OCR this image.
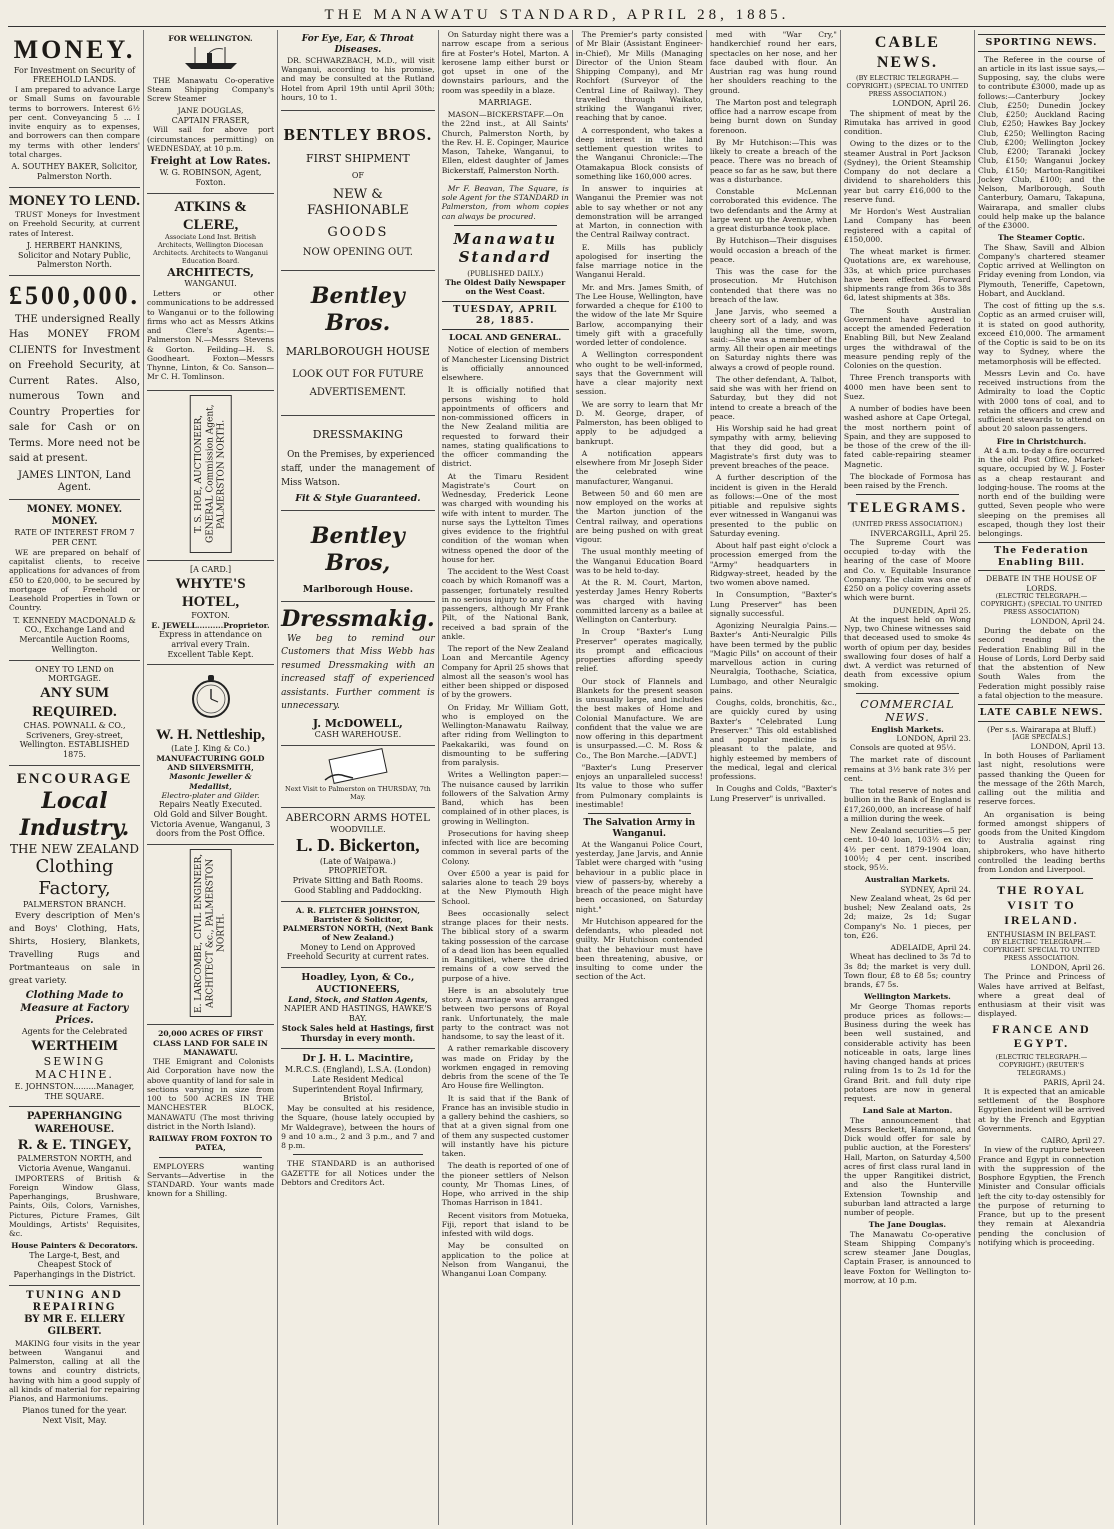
THE MANAWATU STANDARD, APRIL 28, 1885.
MONEY.
For Investment on Security of FREEHOLD LANDS.

I am prepared to advance Large or Small Sums on favourable terms to borrowers. Interest 6½ per cent. Conveyancing 5 ... I invite enquiry as to expenses, and borrowers can then compare my terms with other lenders' total charges.

A. SOUTHEY BAKER, Solicitor, Palmerston North.
MONEY TO LEND.

TRUST Moneys for Investment on Freehold Security, at current rates of Interest.

J. HERBERT HANKINS, Solicitor and Notary Public, Palmerston North.
£500,000.

THE undersigned Really Has MONEY FROM CLIENTS for Investment on Freehold Security, at Current Rates. Also, numerous Town and Country Properties for sale for Cash or on Terms. More need not be said at present.

JAMES LINTON, Land Agent.
MONEY. MONEY. MONEY.
RATE OF INTEREST FROM 7 PER CENT.

WE are prepared on behalf of capitalist clients, to receive applications for advances of from £50 to £20,000, to be secured by mortgage of Freehold or Leasehold Properties in Town or Country.

T. KENNEDY MACDONALD & CO., Exchange Land and Mercantile Auction Rooms, Wellington.
ONEY TO LEND on MORTGAGE.
ANY SUM REQUIRED.
CHAS. POWNALL & CO., Scriveners, Grey-street, Wellington. ESTABLISHED 1875.
ENCOURAGE
Local Industry.
THE NEW ZEALAND
Clothing Factory,
PALMERSTON BRANCH.

Every description of Men's and Boys' Clothing, Hats, Shirts, Hosiery, Blankets, Travelling Rugs and Portmanteaus on sale in great variety.

Clothing Made to Measure at Factory Prices.
Agents for the Celebrated
WERTHEIM
SEWING MACHINE.
E. JOHNSTON.........Manager, THE SQUARE.
PAPERHANGING WAREHOUSE.
R. & E. TINGEY,
PALMERSTON NORTH, and Victoria Avenue, Wanganui.

IMPORTERS of British & Foreign Window Glass, Paperhangings, Brushware, Paints, Oils, Colors, Varnishes, Pictures, Picture Frames, Gilt Mouldings, Artists' Requisites, &c.

House Painters & Decorators.
The Large-t, Best, and Cheapest Stock of Paperhangings in the District.
TUNING AND REPAIRING
BY MR E. ELLERY GILBERT.

MAKING four visits in the year between Wanganui and Palmerston, calling at all the towns and country districts, having with him a good supply of all kinds of material for repairing Pianos, and Harmoniums.

Pianos tuned for the year.
Next Visit, May.
FOR WELLINGTON.

THE Manawatu Co-operative Steam Shipping Company's Screw Steamer

JANE DOUGLAS,
CAPTAIN FRASER,

Will sail for above port (circumstances permitting) on WEDNESDAY, at 10 p.m.

Freight at Low Rates.
W. G. ROBINSON, Agent, Foxton.
ATKINS & CLERE,
Associate Lond Inst. British Architects, Wellington Diocesan Architects. Architects to Wanganui Education Board.
ARCHITECTS,
WANGANUI.

Letters or other communications to be addressed to Wanganui or to the following firms who act as Messrs Atkins and Clere's Agents:— Palmerston N.—Messrs Stevens & Gorton. Feilding—H. S. Goodheart. Foxton—Messrs Thynne, Linton, & Co. Sanson—Mr C. H. Tomlinson.

T. S. HOE, AUCTIONEER, GENERAL Commission Agent, PALMERSTON NORTH.
[A CARD.]
WHYTE'S HOTEL,
FOXTON.
E. JEWELL..........Proprietor.
Express in attendance on arrival every Train.
Excellent Table Kept.
W. H. Nettleship,
(Late J. King & Co.)
MANUFACTURING GOLD AND SILVERSMITH,
Masonic Jeweller & Medallist,
Electro-plater and Gilder.
Repairs Neatly Executed.
Old Gold and Silver Bought.
Victoria Avenue, Wanganui, 3 doors from the Post Office.
E. LARCOMBE, CIVIL ENGINEER, ARCHITECT &c., PALMERSTON NORTH.
20,000 ACRES OF FIRST CLASS LAND FOR SALE IN MANAWATU.

THE Emigrant and Colonists Aid Corporation have now the above quantity of land for sale in sections varying in size from 100 to 500 ACRES IN THE MANCHESTER BLOCK, MANAWATU (The most thriving district in the North Island).

RAILWAY FROM FOXTON TO PATEA,

EMPLOYERS wanting Servants—Advertise in the STANDARD. Your wants made known for a Shilling.

For Eye, Ear, & Throat Diseases.

DR. SCHWARZBACH, M.D., will visit Wanganui, according to his promise, and may be consulted at the Rutland Hotel from April 19th until April 30th; hours, 10 to 1.

BENTLEY BROS.
FIRST SHIPMENT
OF
NEW & FASHIONABLE
GOODS
NOW OPENING OUT.
Bentley Bros.
MARLBOROUGH HOUSE
LOOK OUT FOR FUTURE ADVERTISEMENT.
DRESSMAKING

On the Premises, by experienced staff, under the management of Miss Watson.

Fit & Style Guaranteed.
Bentley Bros,
Marlborough House.
Dressmakig.

We beg to remind our Customers that Miss Webb has resumed Dressmaking with an increased staff of experienced assistants. Further comment is unnecessary.

J. McDOWELL,
CASH WAREHOUSE.
Next Visit to Palmerston on THURSDAY, 7th May.
ABERCORN ARMS HOTEL
WOODVILLE.
L. D. Bickerton,
(Late of Waipawa.)
PROPRIETOR.
Private Sitting and Bath Rooms.
Good Stabling and Paddocking.
A. R. FLETCHER JOHNSTON, Barrister & Solicitor, PALMERSTON NORTH, (Next Bank of New Zealand.)
Money to Lend on Approved Freehold Security at current rates.
Hoadley, Lyon, & Co., AUCTIONEERS,
Land, Stock, and Station Agents,
NAPIER AND HASTINGS, HAWKE'S BAY.
Stock Sales held at Hastings, first Thursday in every month.
Dr J. H. L. Macintire,
M.R.C.S. (England), L.S.A. (London)
Late Resident Medical Superintendent Royal Infirmary, Bristol.

May be consulted at his residence, the Square, (house lately occupied by Mr Waldegrave), between the hours of 9 and 10 a.m., 2 and 3 p.m., and 7 and 8 p.m.

THE STANDARD is an authorised GAZETTE for all Notices under the Debtors and Creditors Act.

On Saturday night there was a narrow escape from a serious fire at Foster's Hotel, Marton. A kerosene lamp either burst or got upset in one of the downstairs parlours, and the room was speedily in a blaze.

MARRIAGE.

MASON—BICKERSTAFF.—On the 22nd inst., at All Saints' Church, Palmerston North, by the Rev. H. E. Copinger, Maurice Mason, Taheke, Wanganui, to Ellen, eldest daughter of James Bickerstaff, Palmerston North.

Mr F. Beavan, The Square, is sole Agent for the STANDARD in Palmerston, from whom copies can always be procured.

Manawatu Standard
(PUBLISHED DAILY.)
The Oldest Daily Newspaper on the West Coast.
TUESDAY, APRIL 28, 1885.
LOCAL AND GENERAL.

Notice of election of members of Manchester Licensing District is officially announced elsewhere.

It is officially notified that persons wishing to hold appointments of officers and non-commissioned officers in the New Zealand militia are requested to forward their names, stating qualifications to the officer commanding the district.

At the Timaru Resident Magistrate's Court on Wednesday, Frederick Leone was charged with wounding his wife with intent to murder. The nurse says the Lyttelton Times gives evidence to the frightful condition of the woman when witness opened the door of the house for her.

The accident to the West Coast coach by which Romanoff was a passenger, fortunately resulted in no serious injury to any of the passengers, although Mr Frank Pilt, of the National Bank, received a bad sprain of the ankle.

The report of the New Zealand Loan and Mercantile Agency Company for April 25 shows that almost all the season's wool has either been shipped or disposed of by the growers.

On Friday, Mr William Gott, who is employed on the Wellington-Manawatu Railway, after riding from Wellington to Paekakariki, was found on dismounting to be suffering from paralysis.

Writes a Wellington paper:—The nuisance caused by larrikin followers of the Salvation Army Band, which has been complained of in other places, is growing in Wellington.

Prosecutions for having sheep infected with lice are becoming common in several parts of the Colony.

Over £500 a year is paid for salaries alone to teach 29 boys at the New Plymouth High School.

Bees occasionally select strange places for their nests. The biblical story of a swarm taking possession of the carcase of a dead lion has been equalled in Rangitikei, where the dried remains of a cow served the purpose of a hive.

Here is an absolutely true story. A marriage was arranged between two persons of Royal rank. Unfortunately, the male party to the contract was not handsome, to say the least of it.

A rather remarkable discovery was made on Friday by the workmen engaged in removing debris from the scene of the Te Aro House fire Wellington.

It is said that if the Bank of France has an invisible studio in a gallery behind the cashiers, so that at a given signal from one of them any suspected customer will instantly have his picture taken.

The death is reported of one of the pioneer settlers of Nelson county, Mr Thomas Lines, of Hope, who arrived in the ship Thomas Harrison in 1841.

Recent visitors from Motueka, Fiji, report that island to be infested with wild dogs.

May be consulted on application to the police at Nelson from Wanganui, the Whanganui Loan Company.

The Premier's party consisted of Mr Blair (Assistant Engineer-in-Chief), Mr Mills (Managing Director of the Union Steam Shipping Company), and Mr Rochfort (Surveyor of the Central Line of Railway). They travelled through Waikato, striking the Wanganui river, reaching that by canoe.

A correspondent, who takes a deep interest in the land settlement question writes to the Wanganui Chronicle:—The Otamakapua Block consists of something like 160,000 acres.

In answer to inquiries at Wanganui the Premier was not able to say whether or not any demonstration will be arranged at Marton, in connection with the Central Railway contract.

E. Mills has publicly apologised for inserting the false marriage notice in the Wanganui Herald.

Mr. and Mrs. James Smith, of The Lee House, Wellington, have forwarded a cheque for £100 to the widow of the late Mr Squire Barlow, accompanying their timely gift with a gracefully worded letter of condolence.

A Wellington correspondent who ought to be well-informed, says that the Government will have a clear majority next session.

We are sorry to learn that Mr D. M. George, draper, of Palmerston, has been obliged to apply to be adjudged a bankrupt.

A notification appears elsewhere from Mr Joseph Sider the celebrated wine manufacturer, Wanganui.

Between 50 and 60 men are now employed on the works at the Marton junction of the Central railway, and operations are being pushed on with great vigour.

The usual monthly meeting of the Wanganui Education Board was to be held to-day.

At the R. M. Court, Marton, yesterday James Henry Roberts was charged with having committed larceny as a bailee at Wellington on Canterbury.

In Croup "Baxter's Lung Preserver" operates magically, its prompt and efficacious properties affording speedy relief.

Our stock of Flannels and Blankets for the present season is unusually large, and includes the best makes of Home and Colonial Manufacture. We are confident that the value we are now offering in this department is unsurpassed.—C. M. Ross & Co., The Bon Marche.—[ADVT.]

"Baxter's Lung Preserver enjoys an unparalleled success! Its value to those who suffer from Pulmonary complaints is inestimable!

The Salvation Army in Wanganui.

At the Wanganui Police Court, yesterday, Jane Jarvis, and Annie Tablet were charged with "using behaviour in a public place in view of passers-by, whereby a breach of the peace might have been occasioned, on Saturday night."

Mr Hutchison appeared for the defendants, who pleaded not guilty. Mr Hutchison contended that the behaviour must have been threatening, abusive, or insulting to come under the section of the Act.

med with "War Cry," handkerchief round her ears, spectacles on her nose, and her face daubed with flour. An Austrian rag was hung round her shoulders reaching to the ground.

The Marton post and telegraph office had a narrow escape from being burnt down on Sunday forenoon.

By Mr Hutchison:—This was likely to create a breach of the peace. There was no breach of peace so far as he saw, but there was a disturbance.

Constable McLennan corroborated this evidence. The two defendants and the Army at large went up the Avenue, when a great disturbance took place.

By Hutchison—Their disguises would occasion a breach of the peace.

This was the case for the prosecution. Mr Hutchison contended that there was no breach of the law.

Jane Jarvis, who seemed a cheery sort of a lady, and was laughing all the time, sworn, said:—She was a member of the army. All their open air meetings on Saturday nights there was always a crowd of people round.

The other defendant, A. Talbot, said she was with her friend on Saturday, but they did not intend to create a breach of the peace.

His Worship said he had great sympathy with army, believing that they did good, but a Magistrate's first duty was to prevent breaches of the peace.

A further description of the incident is given in the Herald as follows:—One of the most pitiable and repulsive sights ever witnessed in Wanganui was presented to the public on Saturday evening.

About half past eight o'clock a procession emerged from the "Army" headquarters in Ridgway-street, headed by the two women above named.

In Consumption, "Baxter's Lung Preserver" has been signally successful.

Agonizing Neuralgia Pains.—Baxter's Anti-Neuralgic Pills have been termed by the public "Magic Pills" on account of their marvellous action in curing Neuralgia, Toothache, Sciatica, Lumbago, and other Neuralgic pains.

Coughs, colds, bronchitis, &c., are quickly cured by using Baxter's "Celebrated Lung Preserver." This old established and popular medicine is pleasant to the palate, and highly esteemed by members of the medical, legal and clerical professions.

In Coughs and Colds, "Baxter's Lung Preserver" is unrivalled.

CABLE NEWS.
(BY ELECTRIC TELEGRAPH.—COPYRIGHT.) (SPECIAL TO UNITED PRESS ASSOCIATION.)
LONDON, April 26.

The shipment of meat by the Rimutaka has arrived in good condition.

Owing to the dizes or to the steamer Austral in Port Jackson (Sydney), the Orient Steamship Company do not declare a dividend to shareholders this year but carry £16,000 to the reserve fund.

Mr Hordon's West Australian Land Company has been registered with a capital of £150,000.

The wheat market is firmer. Quotations are, ex warehouse, 33s, at which price purchases have been effected. Forward shipments range from 36s to 38s 6d, latest shipments at 38s.

The South Australian Government have agreed to accept the amended Federation Enabling Bill, but New Zealand urges the withdrawal of the measure pending reply of the Colonies on the question.

Three French transports with 4000 men have been sent to Suez.

A number of bodies have been washed ashore at Cape Ortegal, the most northern point of Spain, and they are supposed to be those of the crew of the ill-fated cable-repairing steamer Magnetic.

The blockade of Formosa has been raised by the French.

TELEGRAMS.
(UNITED PRESS ASSOCIATION.)
INVERCARGILL, April 25.

The Supreme Court was occupied to-day with the hearing of the case of Moore and Co. v. Equitable Insurance Company. The claim was one of £250 on a policy covering assets which were burnt.

DUNEDIN, April 25.

At the inquest held on Wong Nyp, two Chinese witnesses said that deceased used to smoke 4s worth of opium per day, besides swallowing four doses of half a dwt. A verdict was returned of death from excessive opium smoking.

COMMERCIAL NEWS.
English Markets.
LONDON, April 23.

Consols are quoted at 95½.

The market rate of discount remains at 3½ bank rate 3½ per cent.

The total reserve of notes and bullion in the Bank of England is £17,260,000, an increase of half a million during the week.

New Zealand securities—5 per cent. 10-40 loan, 103½ ex div; 4½ per cent. 1879-1904 loan, 100½; 4 per cent. inscribed stock, 95½.

Australian Markets.
SYDNEY, April 24.

New Zealand wheat, 2s 6d per bushel; New Zealand oats, 2s 2d; maize, 2s 1d; Sugar Company's No. 1 pieces, per ton, £26.

ADELAIDE, April 24.

Wheat has declined to 3s 7d to 3s 8d; the market is very dull. Town flour, £8 to £8 5s; country brands, £7 5s.

Wellington Markets.

Mr George Thomas reports produce prices as follows:—Business during the week has been well sustained, and considerable activity has been noticeable in oats, large lines having changed hands at prices ruling from 1s to 2s 1d for the Grand Brit. and full duty ripe potatoes are now in general request.

Land Sale at Marton.

The announcement that Messrs Beckett, Hammond, and Dick would offer for sale by public auction, at the Foresters' Hall, Marton, on Saturday 4,500 acres of first class rural land in the upper Rangitikei district, and also the Hunterville Extension Township and suburban land attracted a large number of people.

The Jane Douglas.

The Manawatu Co-operative Steam Shipping Company's screw steamer Jane Douglas, Captain Fraser, is announced to leave Foxton for Wellington to-morrow, at 10 p.m.

SPORTING NEWS.

The Referee in the course of an article in its last issue says,—Supposing, say, the clubs were to contribute £3000, made up as follows:—Canterbury Jockey Club, £250; Dunedin Jockey Club, £250; Auckland Racing Club, £250; Hawkes Bay Jockey Club, £250; Wellington Racing Club, £200; Wellington Jockey Club, £200; Taranaki Jockey Club, £150; Wanganui Jockey Club, £150; Marton-Rangitikei Jockey Club, £100; and the Nelson, Marlborough, South Canterbury, Oamaru, Takapuna, Wairarapa, and smaller clubs could help make up the balance of the £3000.

The Steamer Coptic.

The Shaw, Savill and Albion Company's chartered steamer Coptic arrived at Wellington on Friday evening from London, via Plymouth, Teneriffe, Capetown, Hobart, and Auckland.

The cost of fitting up the s.s. Coptic as an armed cruiser will, it is stated on good authority, exceed £10,000. The armament of the Coptic is said to be on its way to Sydney, where the metamorphosis will be effected.

Messrs Levin and Co. have received instructions from the Admiralty to load the Coptic with 2000 tons of coal, and to retain the officers and crew and sufficient stewards to attend on about 20 saloon passengers.

Fire in Christchurch.

At 4 a.m. to-day a fire occurred in the old Post Office, Market-square, occupied by W. J. Foster as a cheap restaurant and lodging-house. The rooms at the north end of the building were gutted, Seven people who were sleeping on the premises all escaped, though they lost their belongings.

The Federation Enabling Bill.
DEBATE IN THE HOUSE OF LORDS.
(ELECTRIC TELEGRAPH.—COPYRIGHT.) (SPECIAL TO UNITED PRESS ASSOCIATION)
LONDON, April 24.

During the debate on the second reading of the Federation Enabling Bill in the House of Lords, Lord Derby said that the abstention of New South Wales from the Federation might possibly raise a fatal objection to the measure.

LATE CABLE NEWS.
(Per s.s. Wairarapa at Bluff.)
[AGE SPECIALS.]
LONDON, April 13.

In both Houses of Parliament last night, resolutions were passed thanking the Queen for the message of the 26th March, calling out the militia and reserve forces.

An organisation is being formed amongst shippers of goods from the United Kingdom to Australia against ring shipbrokers, who have hitherto controlled the leading berths from London and Liverpool.

THE ROYAL VISIT TO IRELAND.
ENTHUSIASM IN BELFAST.
BY ELECTRIC TELEGRAPH.—COPYRIGHT. SPECIAL TO UNITED PRESS ASSOCIATION.
LONDON, April 26.

The Prince and Princess of Wales have arrived at Belfast, where a great deal of enthusiasm at their visit was displayed.

FRANCE AND EGYPT.
(ELECTRIC TELEGRAPH.—COPYRIGHT.) (REUTER'S TELEGRAMS.)
PARIS, April 24.

It is expected that an amicable settlement of the Bosphore Egyptien incident will be arrived at by the French and Egyptian Governments.

CAIRO, April 27.

In view of the rupture between France and Egypt in connection with the suppression of the Bosphore Egyptien, the French Minister and Consular officials left the city to-day ostensibly for the purpose of returning to France, but up to the present they remain at Alexandria pending the conclusion of notifying which is proceeding.
